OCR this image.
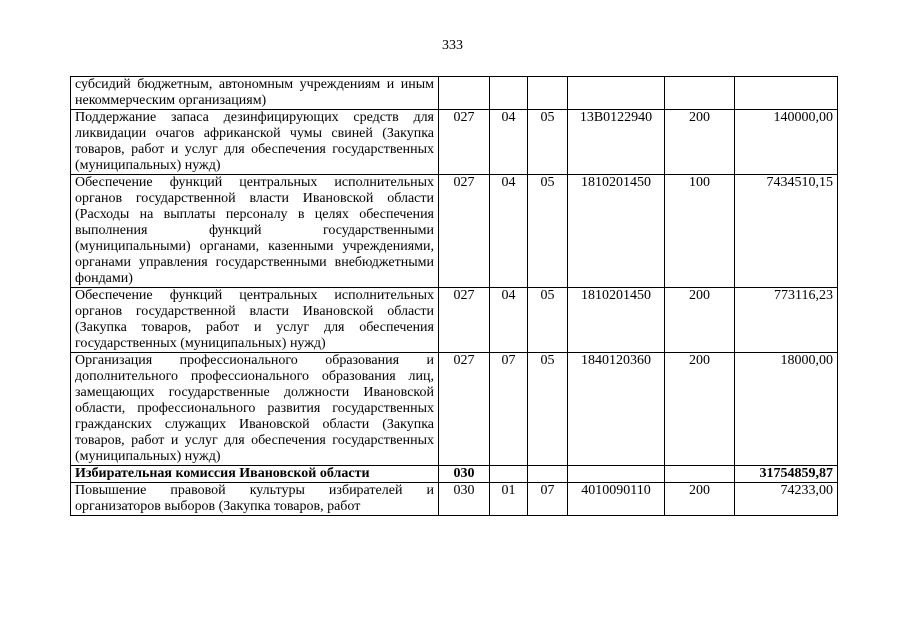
333
субсидий бюджетным, автономным учреждениям и иным некоммерческим организациям)						
Поддержание запаса дезинфицирующих средств для ликвидации очагов африканской чумы свиней (Закупка товаров, работ и услуг для обеспечения государственных (муниципальных) нужд)	027	04	05	13В0122940	200	140000,00
Обеспечение функций центральных исполнительных органов государственной власти Ивановской области (Расходы на выплаты персоналу в целях обеспечения выполнения функций государственными (муниципальными) органами, казенными учреждениями, органами управления государственными внебюджетными фондами)	027	04	05	1810201450	100	7434510,15
Обеспечение функций центральных исполнительных органов государственной власти Ивановской области (Закупка товаров, работ и услуг для обеспечения государственных (муниципальных) нужд)	027	04	05	1810201450	200	773116,23
Организация профессионального образования и дополнительного профессионального образования лиц, замещающих государственные должности Ивановской области, профессионального развития государственных гражданских служащих Ивановской области (Закупка товаров, работ и услуг для обеспечения государственных (муниципальных) нужд)	027	07	05	1840120360	200	18000,00
Избирательная комиссия Ивановской области	030					31754859,87

Повышение правовой культуры избирателей и организаторов выборов (Закупка товаров, работ	030	01	07	4010090110	200	74233,00
